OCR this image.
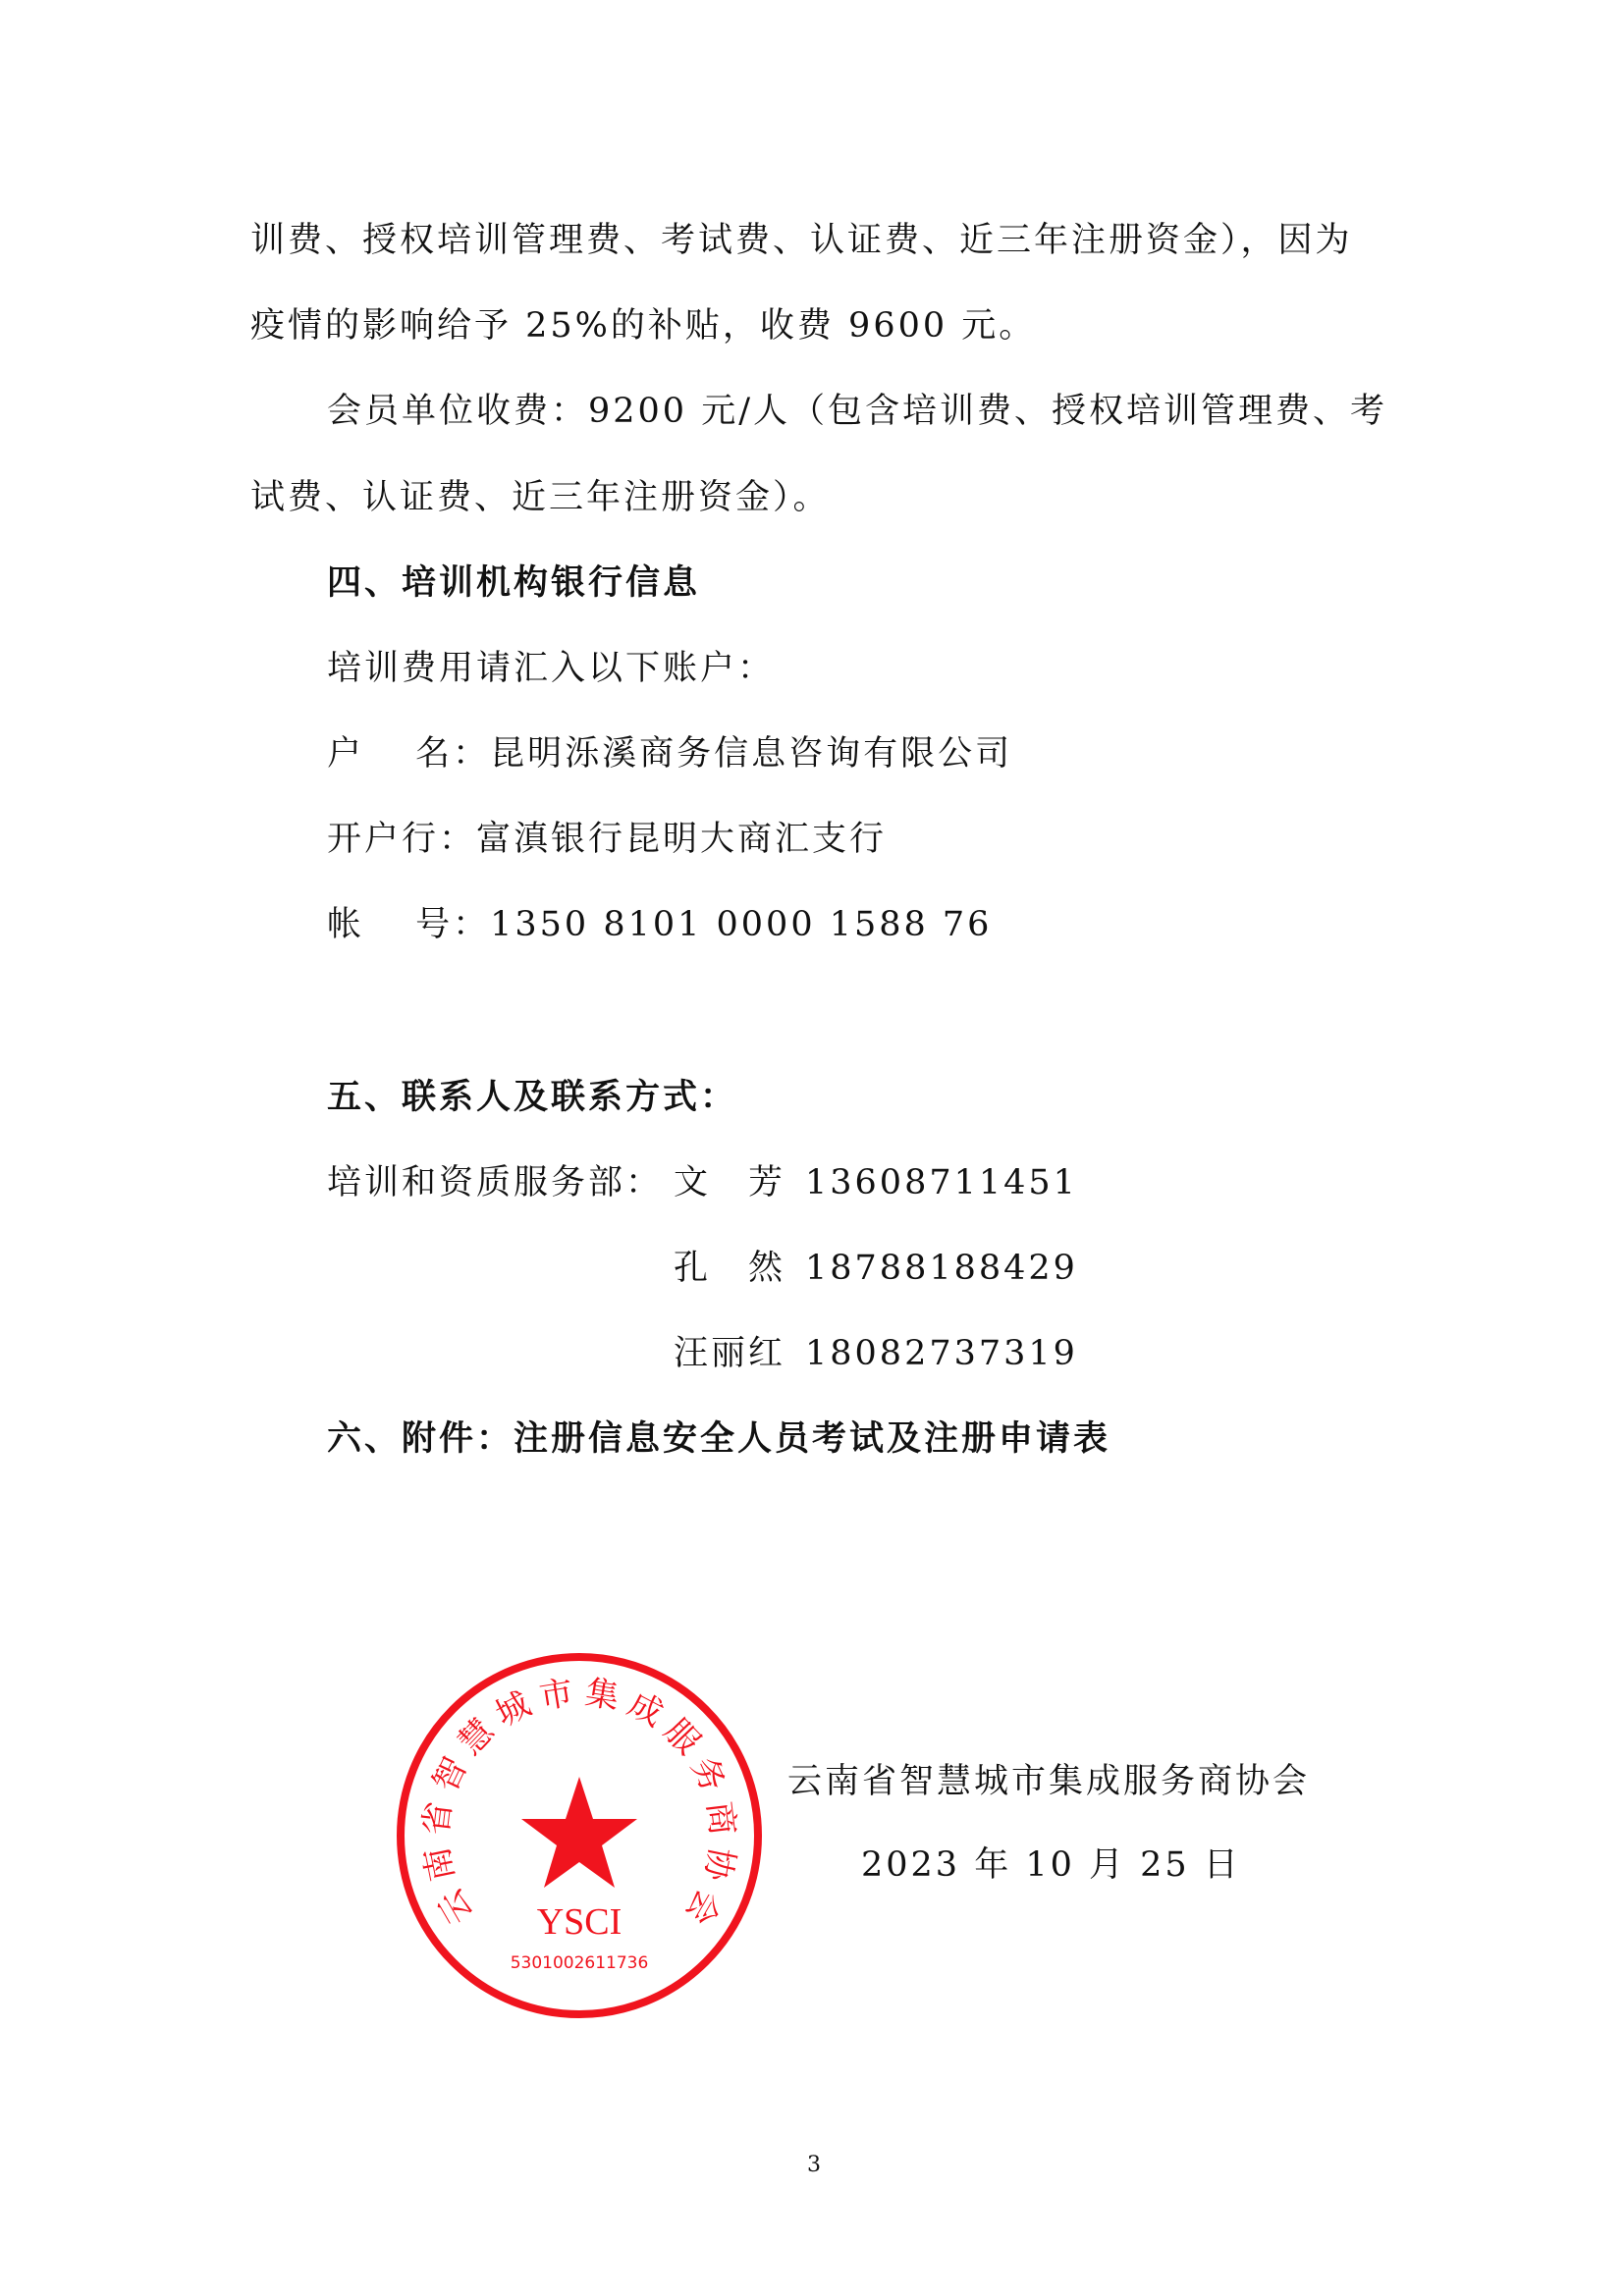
训费、授权培训管理费、考试费、认证费、近三年注册资金），因为
疫情的影响给予 25%的补贴，收费 9600 元。
会员单位收费：9200 元/人（包含培训费、授权培训管理费、考
试费、认证费、近三年注册资金）。
四、培训机构银行信息
培训费用请汇入以下账户：
户　 名：昆明泺溪商务信息咨询有限公司
开户行：富滇银行昆明大商汇支行
帐　 号：1350 8101 0000 1588 76
五、联系人及联系方式：
培训和资质服务部： 文　芳 13608711451
孔　然 18788188429
汪丽红 18082737319
六、附件：注册信息安全人员考试及注册申请表
云
南
省
智
慧
城 市 集 成
服
务
商
协
会
YSCI
5301002611736
云南省智慧城市集成服务商协会
2023 年 10 月 25 日
3
